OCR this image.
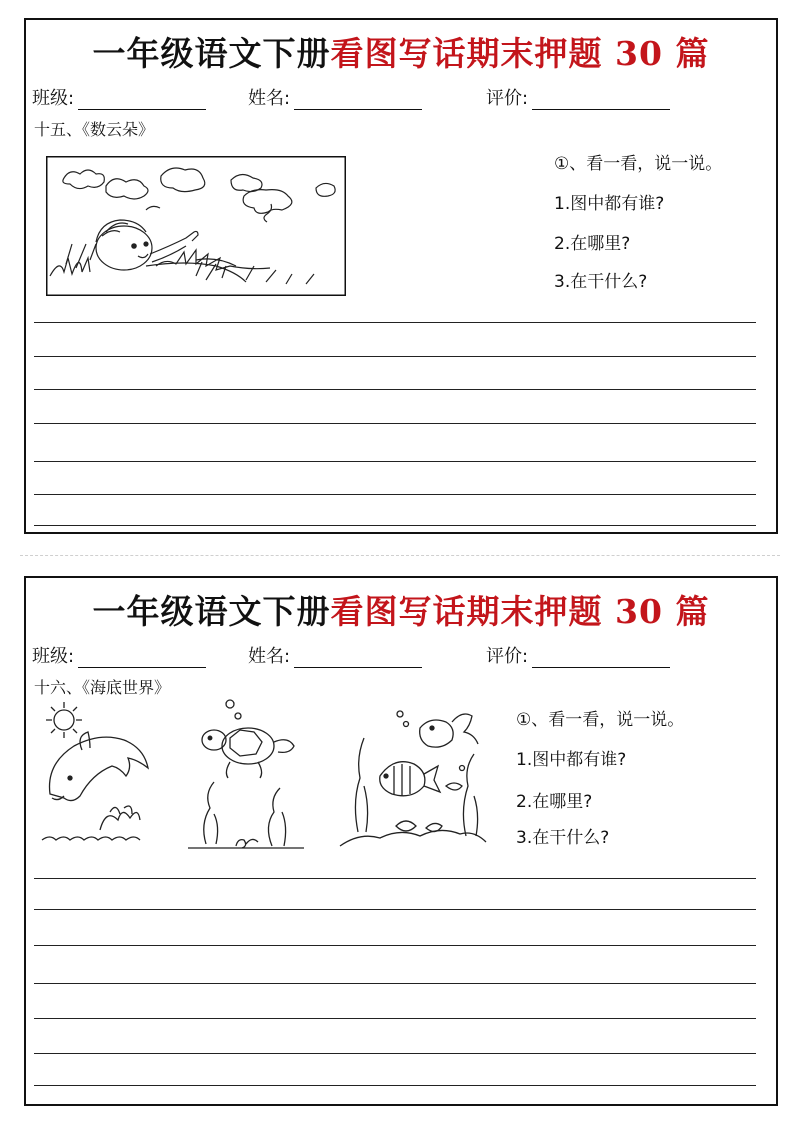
一年级语文下册看图写话期末押题 30 篇
班级:	姓名:	评价:
十五、《数云朵》
①、看一看，说一说。
1.图中都有谁?
2.在哪里?
3.在干什么?
一年级语文下册看图写话期末押题 30 篇
班级:	姓名:	评价:
十六、《海底世界》
①、看一看，说一说。
1.图中都有谁?
2.在哪里?
3.在干什么?
